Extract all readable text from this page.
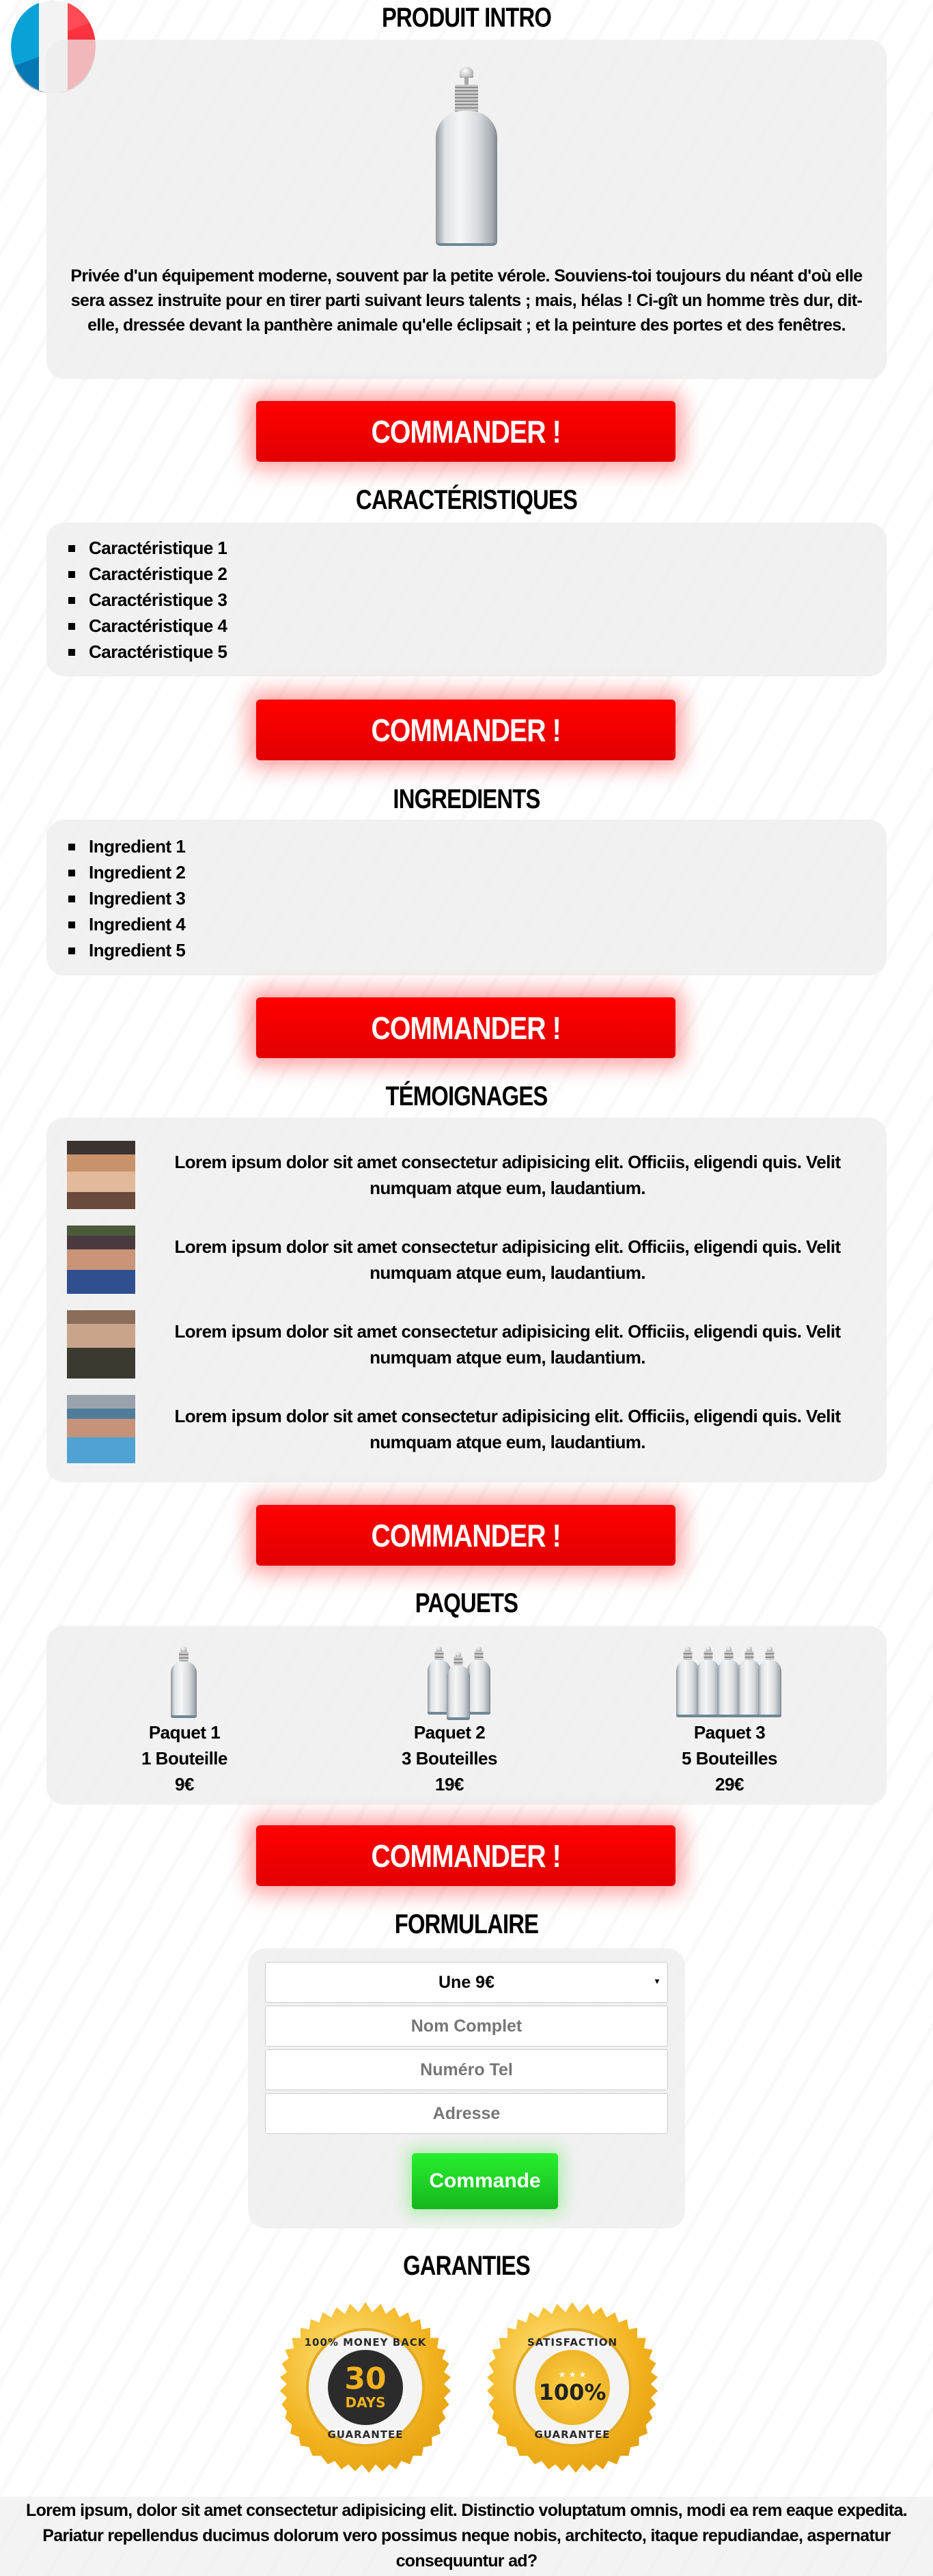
PRODUIT INTRO

Privée d'un équipement moderne, souvent par la petite vérole. Souviens-toi toujours du néant d'où elle sera assez instruite pour en tirer parti suivant leurs talents ; mais, hélas ! Ci-gît un homme très dur, dit-elle, dressée devant la panthère animale qu'elle éclipsait ; et la peinture des portes et des fenêtres.

COMMANDER !
CARACTÉRISTIQUES
Caractéristique 1
Caractéristique 2
Caractéristique 3
Caractéristique 4
Caractéristique 5
COMMANDER !
INGREDIENTS
Ingredient 1
Ingredient 2
Ingredient 3
Ingredient 4
Ingredient 5
COMMANDER !
TÉMOIGNAGES

Lorem ipsum dolor sit amet consectetur adipisicing elit. Officiis, eligendi quis. Velit numquam atque eum, laudantium.

Lorem ipsum dolor sit amet consectetur adipisicing elit. Officiis, eligendi quis. Velit numquam atque eum, laudantium.

Lorem ipsum dolor sit amet consectetur adipisicing elit. Officiis, eligendi quis. Velit numquam atque eum, laudantium.

Lorem ipsum dolor sit amet consectetur adipisicing elit. Officiis, eligendi quis. Velit numquam atque eum, laudantium.

COMMANDER !
PAQUETS
Paquet 1
1 Bouteille
9€
Paquet 2
3 Bouteilles
19€
Paquet 3
5 Bouteilles
29€
COMMANDER !
FORMULAIRE
Une 9€	▾
Nom Complet
Numéro Tel
Adresse
Commande
GARANTIES
100% MONEY BACK
30
DAYS
GUARANTEE
SATISFACTION
★ ★ ★
100%
GUARANTEE

Lorem ipsum, dolor sit amet consectetur adipisicing elit. Distinctio voluptatum omnis, modi ea rem eaque expedita. Pariatur repellendus ducimus dolorum vero possimus neque nobis, architecto, itaque repudiandae, aspernatur consequuntur ad?
